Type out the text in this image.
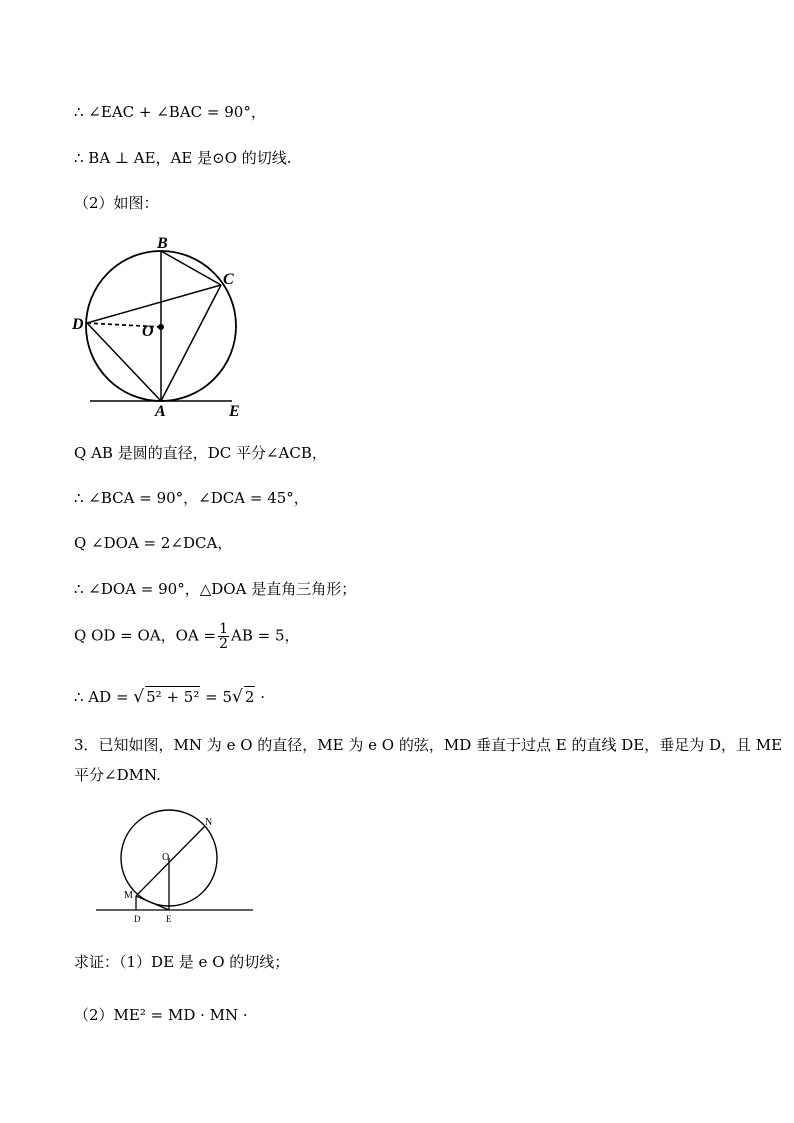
∴ ∠EAC + ∠BAC = 90°，
∴ BA ⊥ AE，AE 是⊙O 的切线.
（2）如图：
B
C
D	O
A	E
Q AB 是圆的直径，DC 平分∠ACB，
∴ ∠BCA = 90°，∠DCA = 45°，
Q ∠DOA = 2∠DCA，
∴ ∠DOA = 90°，△DOA 是直角三角形；
Q OD = OA，OA = $\frac{1}{2}$ AB = 5，
∴ AD = √ 5² + 5² = 5√ 2 ·
3．已知如图，MN 为 e O 的直径，ME 为 e O 的弦，MD 垂直于过点 E 的直线 DE，垂足为 D，且 ME
平分∠DMN.
N
O
M
D	E
求证：（1）DE 是 e O 的切线；
（2）ME² = MD · MN ·
